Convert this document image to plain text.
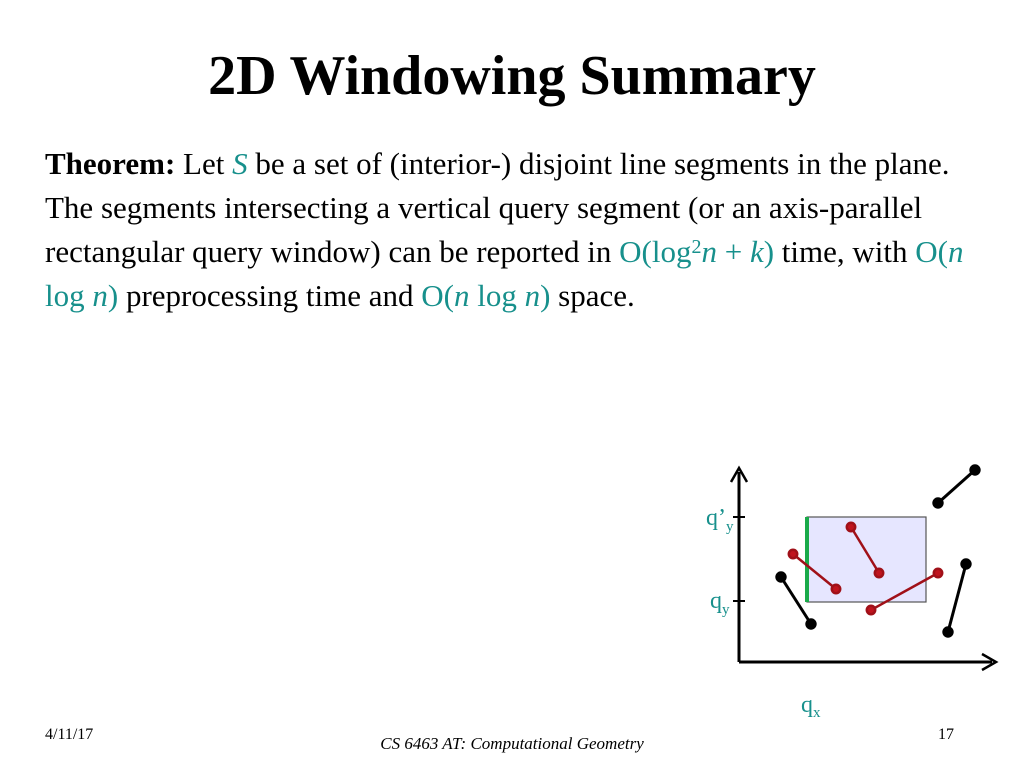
2D Windowing Summary
Theorem: Let S be a set of (interior-) disjoint line segments in the plane. The segments intersecting a vertical query segment (or an axis-parallel rectangular query window) can be reported in $O(\log^2n + k)$ time, with O(n log n) preprocessing time and O(n log n) space.
$q’_y$
$q_y$
$q_x$
4/11/17	CS 6463 AT: Computational Geometry	17
